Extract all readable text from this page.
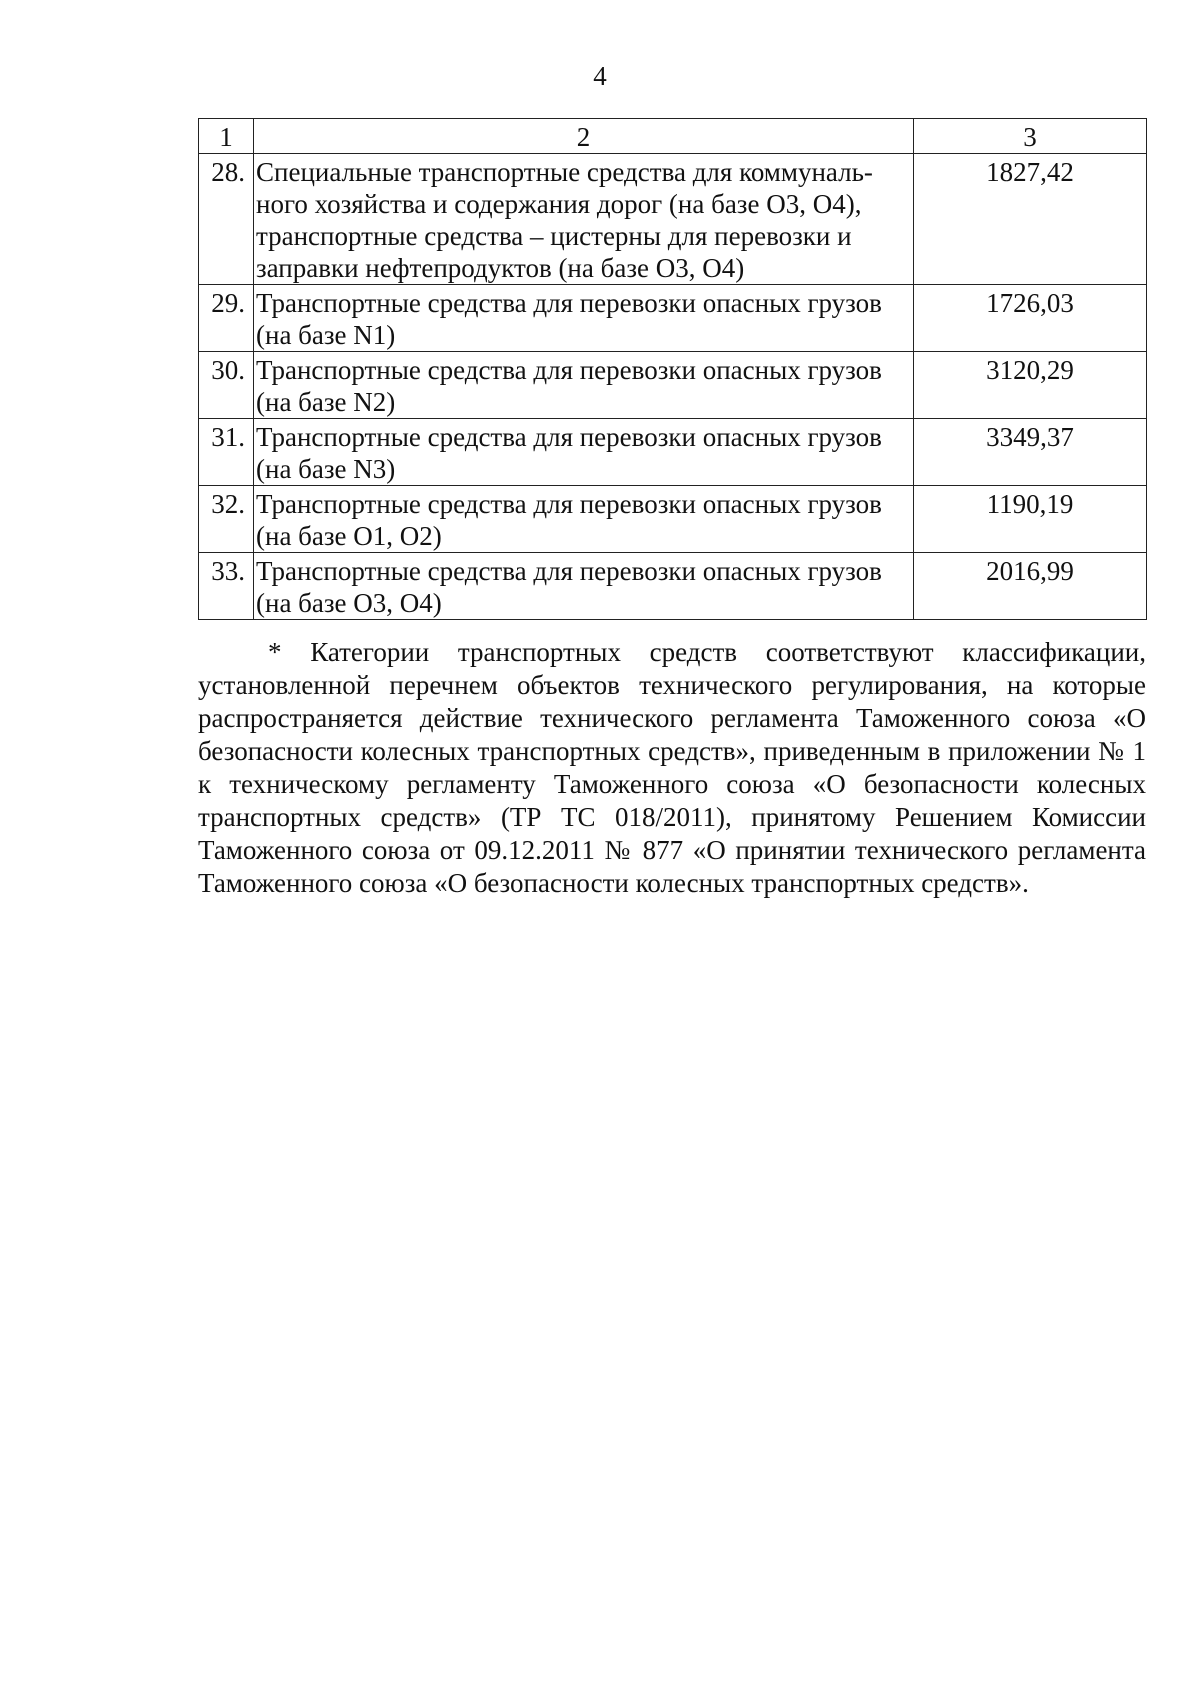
4
1	2	3
28.	Специальные транспортные средства для коммуналь-ного хозяйства и содержания дорог (на базе O3, O4), транспортные средства – цистерны для перевозки и заправки нефтепродуктов (на базе O3, O4)	1827,42
29.	Транспортные средства для перевозки опасных грузов (на базе N1)	1726,03
30.	Транспортные средства для перевозки опасных грузов (на базе N2)	3120,29
31.	Транспортные средства для перевозки опасных грузов (на базе N3)	3349,37
32.	Транспортные средства для перевозки опасных грузов (на базе O1, O2)	1190,19
33.	Транспортные средства для перевозки опасных грузов (на базе O3, O4)	2016,99

* Категории транспортных средств соответствуют классификации, установленной перечнем объектов технического регулирования, на которые распространяется действие технического регламента Таможенного союза «О безопасности колесных транспортных средств», приведенным в приложении № 1 к техническому регламенту Таможенного союза «О безопасности колесных транспортных средств» (ТР ТС 018/2011), принятому Решением Комиссии Таможенного союза от 09.12.2011 № 877 «О принятии технического регламента Таможенного союза «О безопасности колесных транспортных средств».
